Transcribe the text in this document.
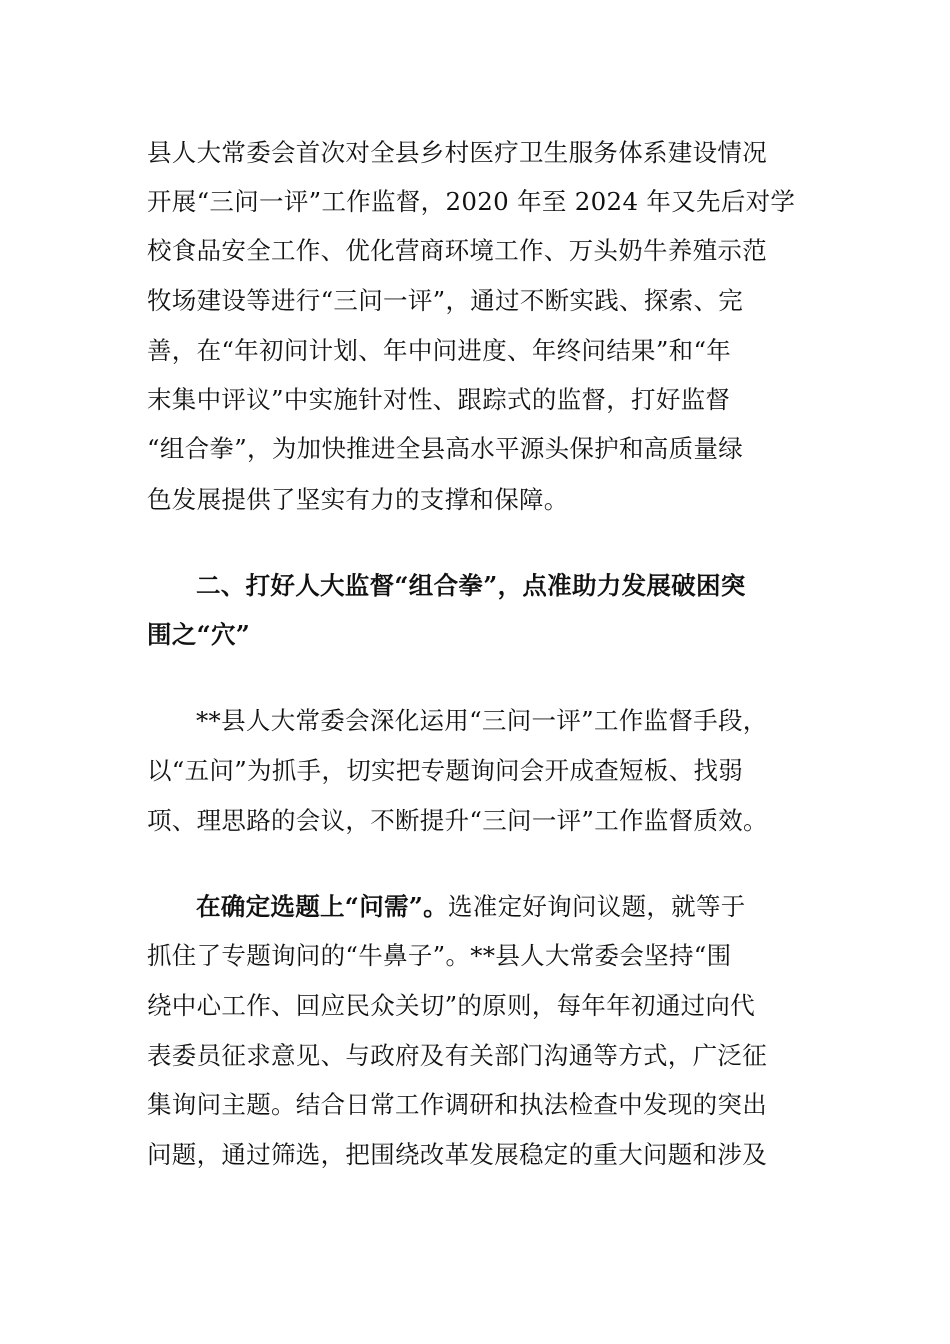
县人大常委会首次对全县乡村医疗卫生服务体系建设情况
开展“三问一评”工作监督，2020 年至 2024 年又先后对学
校食品安全工作、优化营商环境工作、万头奶牛养殖示范
牧场建设等进行“三问一评”，通过不断实践、探索、完
善，在“年初问计划、年中问进度、年终问结果”和“年
末集中评议”中实施针对性、跟踪式的监督，打好监督
“组合拳”，为加快推进全县高水平源头保护和高质量绿
色发展提供了坚实有力的支撑和保障。
二、打好人大监督“组合拳”，点准助力发展破困突
围之“穴”
**县人大常委会深化运用“三问一评”工作监督手段，
以“五问”为抓手，切实把专题询问会开成查短板、找弱
项、理思路的会议，不断提升“三问一评”工作监督质效。
在确定选题上“问需”。选准定好询问议题，就等于
抓住了专题询问的“牛鼻子”。**县人大常委会坚持“围
绕中心工作、回应民众关切”的原则，每年年初通过向代
表委员征求意见、与政府及有关部门沟通等方式，广泛征
集询问主题。结合日常工作调研和执法检查中发现的突出
问题，通过筛选，把围绕改革发展稳定的重大问题和涉及
